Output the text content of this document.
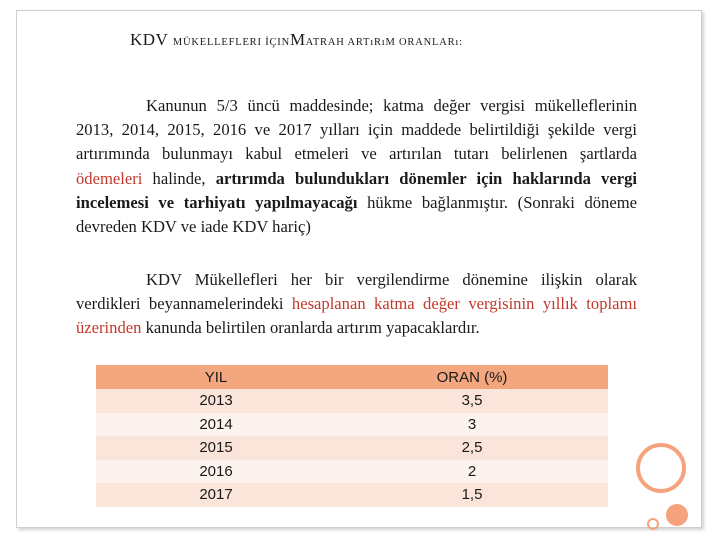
KDV MÜKELLEFLERI İÇINMATRAH ARTıRıM ORANLARı:
Kanunun 5/3 üncü maddesinde; katma değer vergisi mükelleflerinin 2013, 2014, 2015, 2016 ve 2017 yılları için maddede belirtildiği şekilde vergi artırımında bulunmayı kabul etmeleri ve artırılan tutarı belirlenen şartlarda ödemeleri halinde, artırımda bulundukları dönemler için haklarında vergi incelemesi ve tarhiyatı yapılmayacağı hükme bağlanmıştır. (Sonraki döneme devreden KDV ve iade KDV hariç)
KDV Mükellefleri her bir vergilendirme dönemine ilişkin olarak verdikleri beyannamelerindeki hesaplanan katma değer vergisinin yıllık toplamı üzerinden kanunda belirtilen oranlarda artırım yapacaklardır.
YIL	ORAN (%)
2013	3,5
2014	3
2015	2,5
2016	2
2017	1,5
